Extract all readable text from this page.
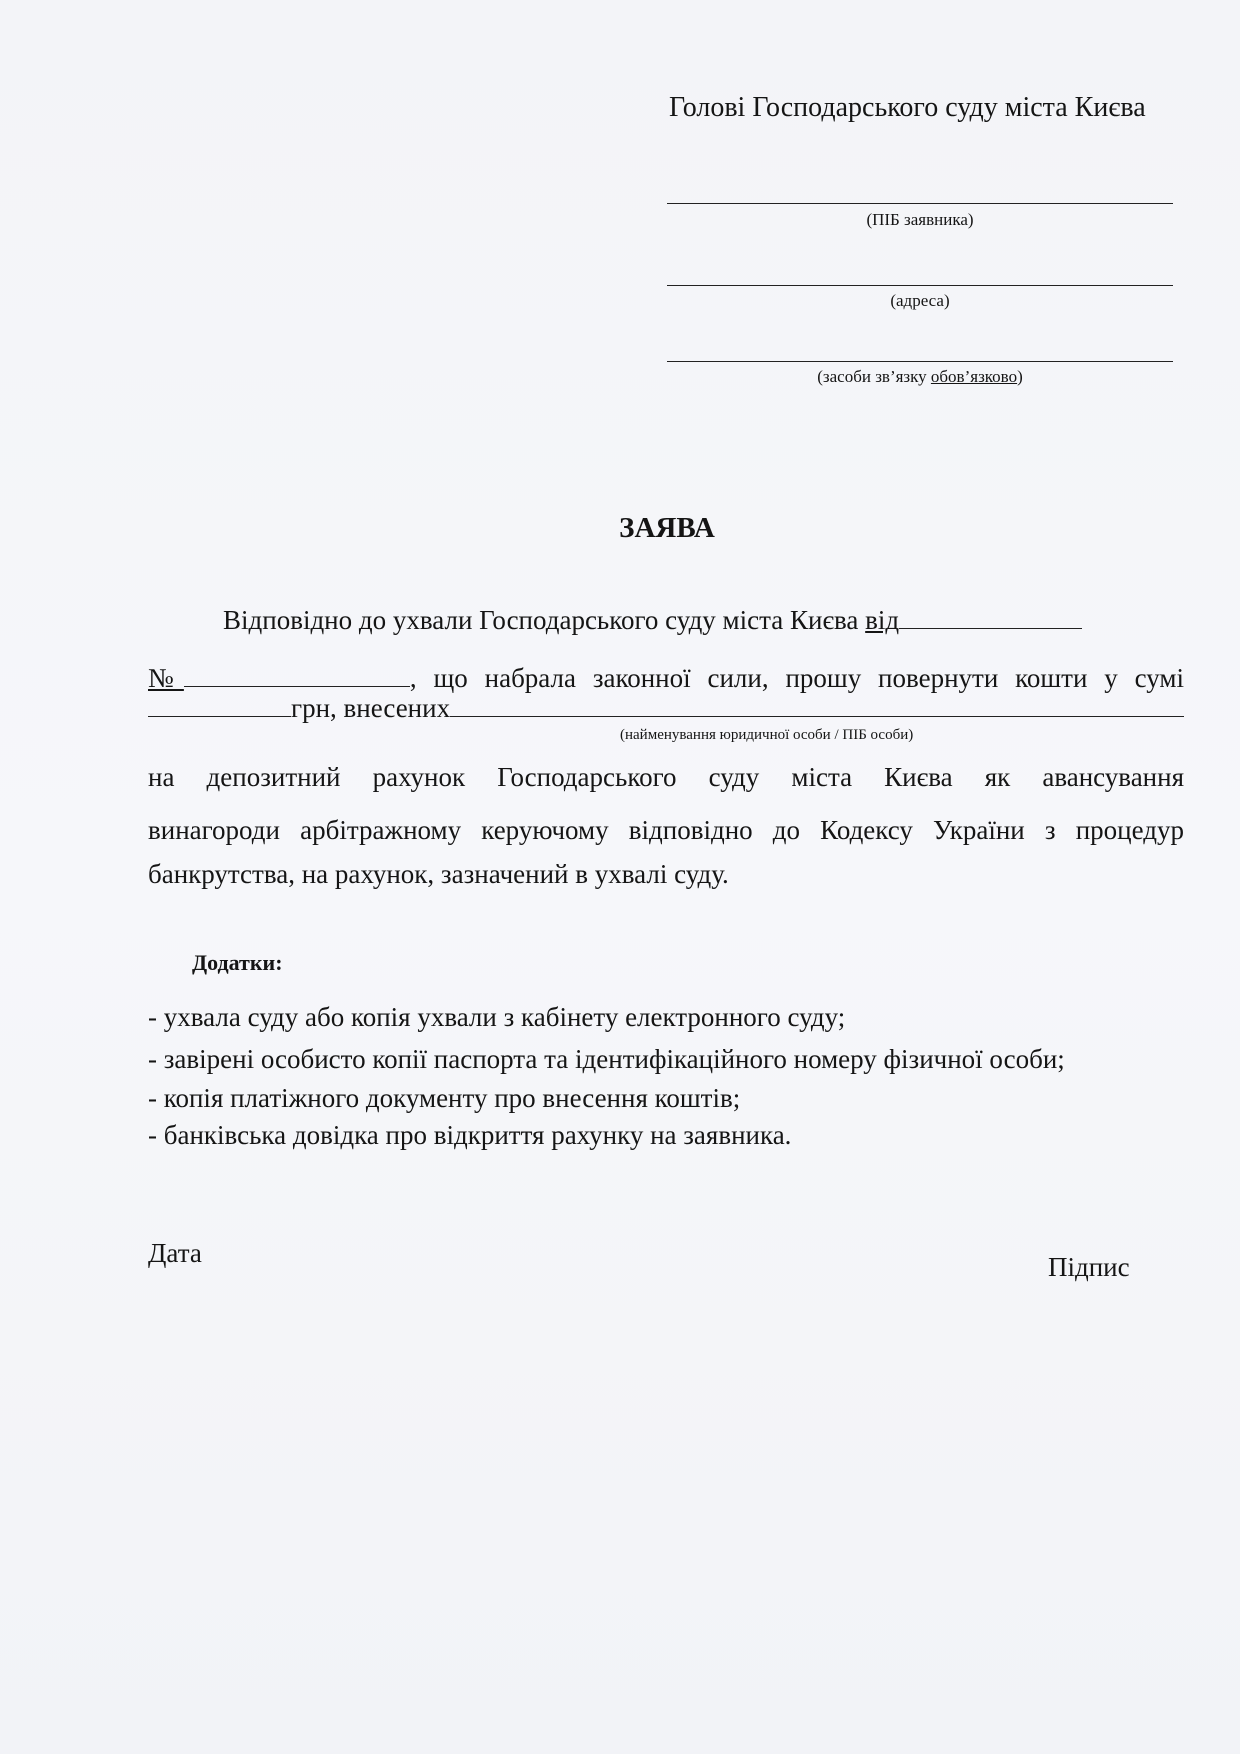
Голові Господарського суду міста Києва
(ПІБ заявника)
(адреса)
(засоби зв’язку обов’язково)
ЗАЯВА
Відповідно до ухвали Господарського суду міста Києва від
№	, що набрала законної сили, прошу повернути кошти у сумі
грн, внесених
(найменування юридичної особи / ПІБ особи)
на депозитний рахунок Господарського суду міста Києва як авансування
винагороди арбітражному керуючому відповідно до Кодексу України з процедур
банкрутства, на рахунок, зазначений в ухвалі суду.
Додатки:
- ухвала суду або копія ухвали з кабінету електронного суду;
- завірені особисто копії паспорта та ідентифікаційного номеру фізичної особи;
- копія платіжного документу про внесення коштів;
- банківська довідка про відкриття рахунку на заявника.
Дата	Підпис
